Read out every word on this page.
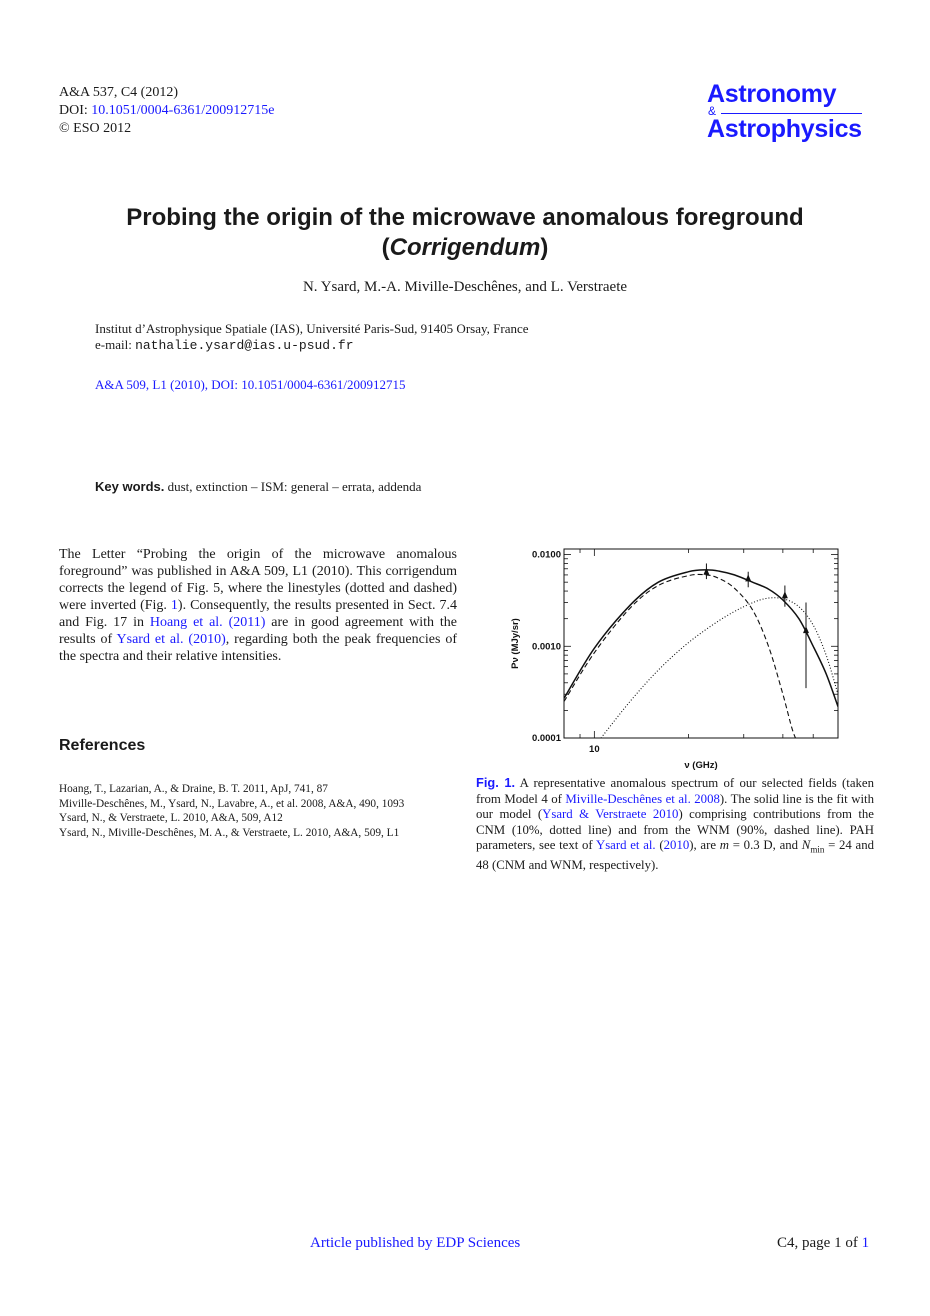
A&A 537, C4 (2012)
DOI: 10.1051/0004-6361/200912715e
© ESO 2012
Astronomy
&
Astrophysics
Probing the origin of the microwave anomalous foreground
(Corrigendum)
N. Ysard, M.-A. Miville-Deschênes, and L. Verstraete
Institut d’Astrophysique Spatiale (IAS), Université Paris-Sud, 91405 Orsay, France
e-mail: nathalie.ysard@ias.u-psud.fr
A&A 509, L1 (2010), DOI: 10.1051/0004-6361/200912715
Key words. dust, extinction – ISM: general – errata, addenda
The Letter “Probing the origin of the microwave anomalous foreground” was published in A&A 509, L1 (2010). This corrigendum corrects the legend of Fig. 5, where the linestyles (dotted and dashed) were inverted (Fig. 1). Consequently, the results presented in Sect. 7.4 and Fig. 17 in Hoang et al. (2011) are in good agreement with the results of Ysard et al. (2010), regarding both the peak frequencies of the spectra and their relative intensities.
References
Hoang, T., Lazarian, A., & Draine, B. T. 2011, ApJ, 741, 87
Miville-Deschênes, M., Ysard, N., Lavabre, A., et al. 2008, A&A, 490, 1093
Ysard, N., & Verstraete, L. 2010, A&A, 509, A12
Ysard, N., Miville-Deschênes, M. A., & Verstraete, L. 2010, A&A, 509, L1
0.0100
0.0010
0.0001
10
ν (GHz)
Pν (MJy/sr)
Fig. 1. A representative anomalous spectrum of our selected fields (taken from Model 4 of Miville-Deschênes et al. 2008). The solid line is the fit with our model (Ysard & Verstraete 2010) comprising contributions from the CNM (10%, dotted line) and from the WNM (90%, dashed line). PAH parameters, see text of Ysard et al. (2010), are m = 0.3 D, and $N_{min} = 24$ and 48 (CNM and WNM, respectively).
Article published by EDP Sciences	C4, page 1 of 1
